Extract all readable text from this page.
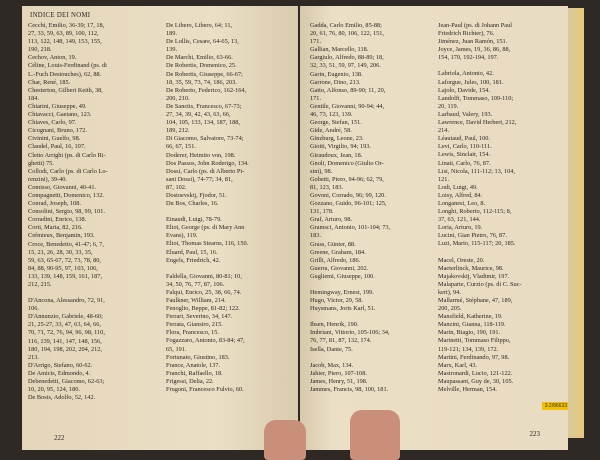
INDICE DEI NOMI
Cecchi, Emilio, 36-39; 17, 18,
27, 33, 59, 63, 89, 100, 112,
113, 122, 148, 149, 153, 155,
190, 218.
Cechov, Anton, 19.
Céline, Louis-Ferdinand (ps. di
L.-Fuch Destouches), 62, 88.
Char, René, 185.
Chesterton, Gilbert Keith, 38,
184.
Chiarini, Giuseppe, 49.
Chiavacci, Gaetano, 123.
Chiaves, Carlo, 97.
Cicognani, Bruno, 172.
Civinini, Guelfo, 98.
Claudel, Paul, 16, 107.
Cletto Arrighi (ps. di Carlo Ri-
ghetti) 75.
Collodi, Carlo (ps. di Carlo Lo-
renzini), 39-40.
Comisso, Giovanni, 40-41.
Compagnetti, Domenico, 132.
Conrad, Joseph, 108.
Consolini, Sergio, 98, 99, 101.
Corradini, Enrico, 138.
Corti, Maria, 82, 216.
Crémieux, Benjamin, 193.
Croce, Benedetto, 41-47; 6, 7,
15, 21, 26, 28, 30, 33, 35,
59, 63, 65-67, 72, 73, 78, 80,
84, 88, 90-95, 97, 103, 106,
133, 139, 148, 159, 161, 187,
212, 215.
D'Ancona, Alessandro, 72, 91,
106.
D'Annunzio, Gabriele, 48-60;
21, 25-27, 33, 47, 63, 64, 66,
70, 71, 72, 76, 94, 96, 98, 110,
116, 139, 141, 147, 148, 156,
180, 194, 198, 202, 204, 212,
213.
D'Arrigo, Stefano, 60-62.
De Amicis, Edmondo, 4.
Debenedetti, Giacomo, 62-63;
10, 20, 95, 124, 180.
De Bosis, Adolfo, 52, 142.
De Libero, Libero, 64; 11,
189.
De Lollis, Cesare, 64-65, 13,
139.
De Marchi, Emilio, 63-66.
De Robertis, Domenico, 25.
De Robertis, Giuseppe, 66-67;
18, 35, 59, 73, 74, 186, 203.
De Roberto, Federico, 162-164,
200, 210.
De Sanctis, Francesco, 67-73;
27, 34, 39, 42, 43, 63, 66,
104, 105, 133, 134, 187, 188,
189, 212.
Di Giacomo, Salvatore, 73-74;
66, 67, 151.
Doderer, Heimito von, 198.
Dos Passos, John Roderigo, 134.
Dossi, Carlo (ps. di Alberto Pi-
sani Dossi), 74-77; 34, 81,
87, 102.
Dostoevskij, Fjodor, 51.
Du Bos, Charles, 16.
Einaudi, Luigi, 78-79.
Eliot, George (ps. di Mary Ann
Evans), 119.
Eliot, Thomas Stearns, 116, 150.
Eluard, Paul, 15, 16.
Engels, Friedrich, 42.
Faldella, Giovanni, 80-81; 10,
34, 50, 76, 77, 87, 106.
Falqui, Enrico, 25, 38, 66, 74.
Faulkner, William, 214.
Fenoglio, Beppe, 81-82; 122.
Ferrari, Severino, 34, 147.
Ferrata, Giansiro, 215.
Flora, Francesco, 15.
Fogazzaro, Antonio, 83-84; 47,
65, 191.
Fortunato, Giustino, 183.
France, Anatole, 137.
Franchi, Raffaello, 18.
Frigessi, Delia, 22.
Frugoni, Francesco Fulvio, 60.
222
Gadda, Carlo Emilio, 85-88;
20, 61, 76, 80, 106, 122, 151,
171.
Gallian, Marcello, 118.
Gargiulo, Alfredo, 88-89; 18,
32, 33, 51, 59, 97, 149, 206.
Garin, Eugenio, 138.
Garrone, Dino, 213.
Gatto, Alfonso, 89-90; 11, 20,
171.
Gentile, Giovanni, 90-94; 44,
46, 73, 123, 139.
George, Stefan, 151.
Gide, André, 58.
Ginzburg, Leone, 23.
Giotti, Virgilio, 94; 193.
Giraudoux, Jean, 18.
Gnoli, Domenico (Giulio Or-
sini), 98.
Gobetti, Piero, 94-96; 62, 79,
81, 123, 183.
Govoni, Corrado, 96; 99, 120.
Gozzano, Guido, 96-101; 125,
131, 178.
Graf, Arturo, 98.
Gramsci, Antonio, 101-104; 73,
183.
Grass, Günter, 88.
Greene, Graham, 184.
Grilli, Alfredo, 186.
Guerra, Giovanni, 202.
Gugliemi, Giuseppe, 100.
Hemingway, Ernest, 199.
Hugo, Victor, 29, 58.
Huysmans, Joris Karl, 51.
Ibsen, Henrik, 190.
Imbriani, Vittorio, 105-106; 34,
76, 77, 81, 87, 132, 174.
Isella, Dante, 75.
Jacob, Max, 134.
Jahier, Piero, 107-108.
James, Henry, 51, 198.
Jammes, Francis, 98, 100, 181.
Jean-Paul (ps. di Johann Paul
Friedrich Richter), 76.
Jiménez, Juan Ramón, 151.
Joyce, James, 19, 36, 86, 88,
154, 170, 192-194, 197.
Labriola, Antonio, 42.
Laforgue, Jules, 100, 181.
Lajolo, Davide, 154.
Landolfi, Tommaso, 109-110;
20, 119.
Larbaud, Valery, 193.
Lawrence, David Herbert, 212,
214.
Léautaud, Paul, 100.
Levi, Carlo, 110-111.
Lewis, Sinclair, 154.
Linati, Carlo, 76, 87.
Lisi, Nicola, 111-112; 13, 104,
121.
Lodi, Luigi, 49.
Loisy, Alfred, 84.
Longanesi, Leo, 8.
Longhi, Roberto, 112-115; 8,
37, 63, 121, 144.
Loria, Arturo, 19.
Lucini, Gian Pietro, 76, 87.
Luzi, Mario, 115-117; 20, 185.
Macel, Oreste, 20.
Maeterlinck, Maurice, 98.
Majakovskij, Vladimir, 197.
Malaparte, Curzio (ps. di C. Suc-
kert), 94.
Mallarmé, Stéphane, 47, 189,
200, 205.
Mansfield, Katherine, 19.
Manzini, Gianna, 118-119.
Marin, Biagio, 190, 191.
Marinetti, Tommaso Filippo,
119-121; 134, 139, 172.
Martini, Ferdinando, 97, 98.
Marx, Karl, 43.
Mastronardi, Lucio, 121-122.
Maupassant, Guy de, 30, 105.
Melville, Herman, 154.
223
3.2/86633
